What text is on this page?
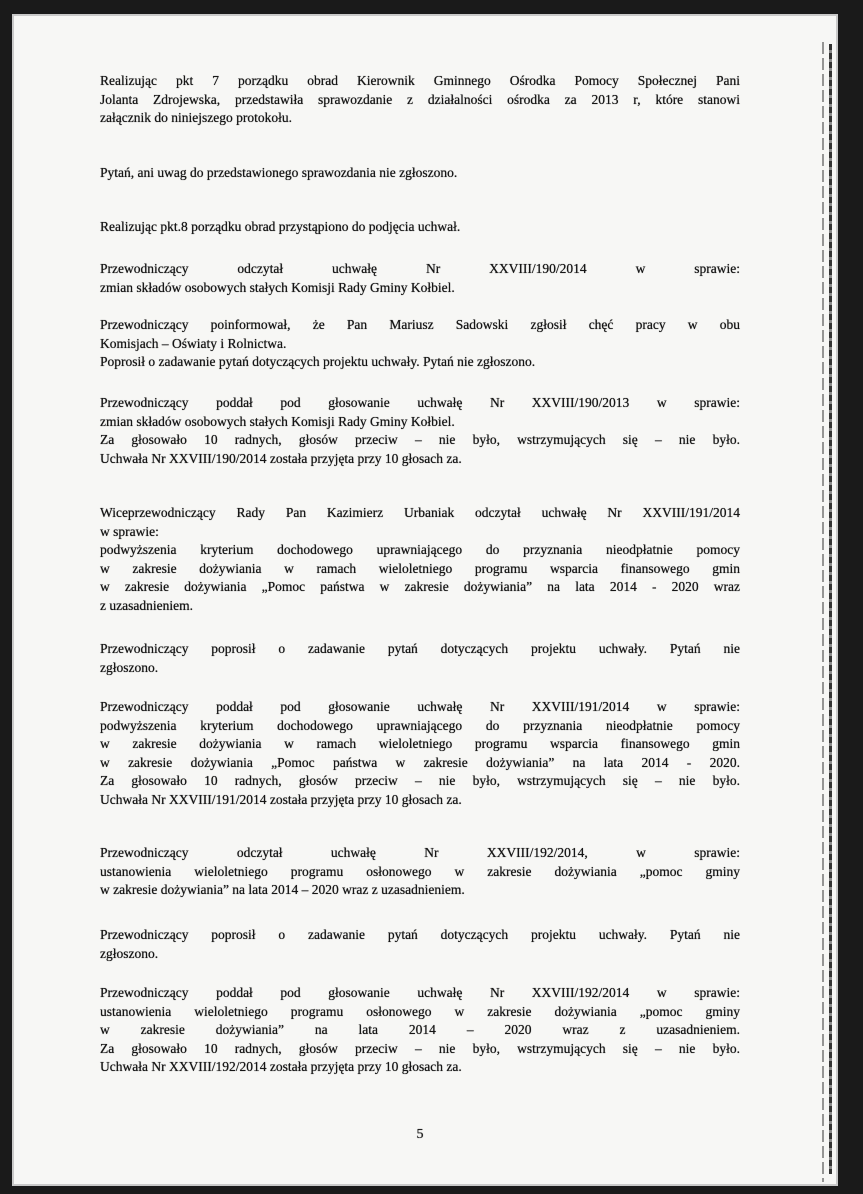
Realizując pkt 7 porządku obrad Kierownik Gminnego Ośrodka Pomocy Społecznej Pani
Jolanta Zdrojewska, przedstawiła sprawozdanie z działalności ośrodka za 2013 r, które stanowi
załącznik do niniejszego protokołu.
Pytań, ani uwag do przedstawionego sprawozdania nie zgłoszono.
Realizując pkt.8 porządku obrad przystąpiono do podjęcia uchwał.
Przewodniczący odczytał uchwałę Nr XXVIII/190/2014 w sprawie:
zmian składów osobowych stałych Komisji Rady Gminy Kołbiel.
Przewodniczący poinformował, że Pan Mariusz Sadowski zgłosił chęć pracy w obu
Komisjach – Oświaty i Rolnictwa.
Poprosił o zadawanie pytań dotyczących projektu uchwały. Pytań nie zgłoszono.
Przewodniczący poddał pod głosowanie uchwałę Nr XXVIII/190/2013 w sprawie:
zmian składów osobowych stałych Komisji Rady Gminy Kołbiel.
Za głosowało 10 radnych, głosów przeciw – nie było, wstrzymujących się – nie było.
Uchwała Nr XXVIII/190/2014 została przyjęta przy 10 głosach za.
Wiceprzewodniczący Rady Pan Kazimierz Urbaniak odczytał uchwałę Nr XXVIII/191/2014
w sprawie:
podwyższenia kryterium dochodowego uprawniającego do przyznania nieodpłatnie pomocy
w zakresie dożywiania w ramach wieloletniego programu wsparcia finansowego gmin
w zakresie dożywiania „Pomoc państwa w zakresie dożywiania” na lata 2014 - 2020 wraz
z uzasadnieniem.
Przewodniczący poprosił o zadawanie pytań dotyczących projektu uchwały. Pytań nie
zgłoszono.
Przewodniczący poddał pod głosowanie uchwałę Nr XXVIII/191/2014 w sprawie:
podwyższenia kryterium dochodowego uprawniającego do przyznania nieodpłatnie pomocy
w zakresie dożywiania w ramach wieloletniego programu wsparcia finansowego gmin
w zakresie dożywiania „Pomoc państwa w zakresie dożywiania” na lata 2014 - 2020.
Za głosowało 10 radnych, głosów przeciw – nie było, wstrzymujących się – nie było.
Uchwała Nr XXVIII/191/2014 została przyjęta przy 10 głosach za.
Przewodniczący odczytał uchwałę Nr XXVIII/192/2014, w sprawie:
ustanowienia wieloletniego programu osłonowego w zakresie dożywiania „pomoc gminy
w zakresie dożywiania” na lata 2014 – 2020 wraz z uzasadnieniem.
Przewodniczący poprosił o zadawanie pytań dotyczących projektu uchwały. Pytań nie
zgłoszono.
Przewodniczący poddał pod głosowanie uchwałę Nr XXVIII/192/2014 w sprawie:
ustanowienia wieloletniego programu osłonowego w zakresie dożywiania „pomoc gminy
w zakresie dożywiania” na lata 2014 – 2020 wraz z uzasadnieniem.
Za głosowało 10 radnych, głosów przeciw – nie było, wstrzymujących się – nie było.
Uchwała Nr XXVIII/192/2014 została przyjęta przy 10 głosach za.
5
